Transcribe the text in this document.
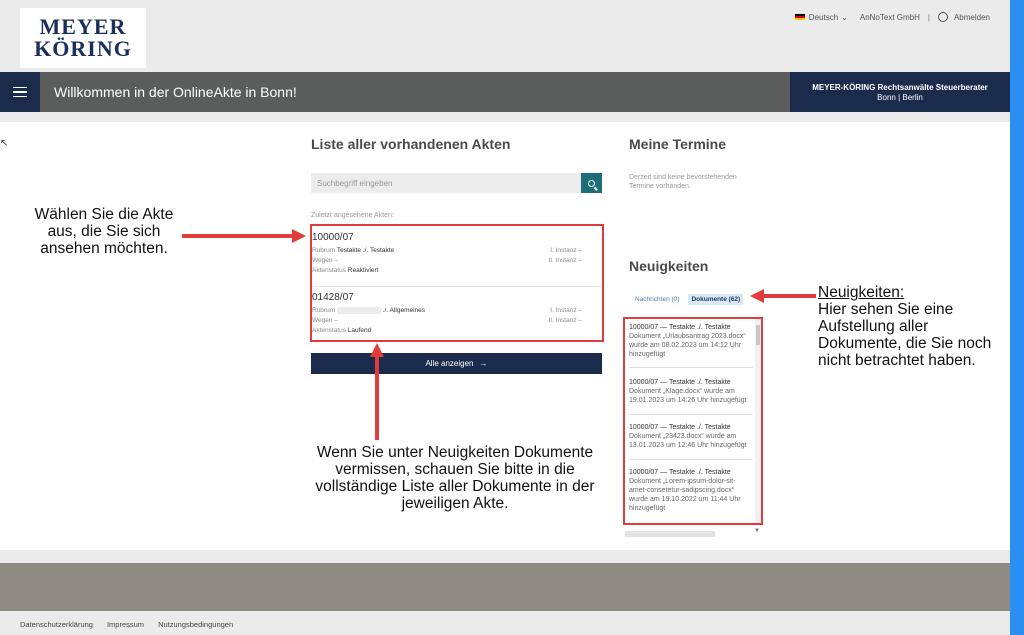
MEYER
KÖRING
Deutsch ⌄ AnNoText GmbH |	Abmelden
Willkommen in der OnlineAkte in Bonn!	MEYER-KÖRING Rechtsanwälte Steuerberater
Bonn | Berlin
↖	Liste aller vorhandenen Akten
Suchbegriff eingeben
Zuletzt angesehene Akten:
10000/07
Rubrum Testakte ./. Testakte
Wegen –
Aktenstatus Reaktiviert
I. Instanz –
II. Instanz –
01428/07
Rubrum	./. Allgemeines
Wegen –
Aktenstatus Laufend
I. Instanz –
II. Instanz –
Alle anzeigen →
Meine Termine
Derzeit sind keine bevorstehenden Termine vorhanden.
Neuigkeiten
Nachrichten (0)	Dokumente (62)
10000/07 — Testakte ./. Testakte
Dokument „Urlaubsantrag 2023.docx“ wurde am 08.02.2023 um 14:12 Uhr hinzugefügt
10000/07 — Testakte ./. Testakte
Dokument „Klage.docx“ wurde am 19.01.2023 um 14:26 Uhr hinzugefügt
10000/07 — Testakte ./. Testakte
Dokument „23423.docx“ wurde am 13.01.2023 um 12:46 Uhr hinzugefügt
10000/07 — Testakte ./. Testakte
Dokument „Lorem-ipsum-dolor-sit-amet-consetetur-sadipscing.docx“ wurde am 19.10.2022 um 11:44 Uhr hinzugefügt
▼
Wählen Sie die Akte aus, die Sie sich ansehen möchten.
Wenn Sie unter Neuigkeiten Dokumente vermissen, schauen Sie bitte in die vollständige Liste aller Dokumente in der jeweiligen Akte.
Neuigkeiten:
Hier sehen Sie eine Aufstellung aller Dokumente, die Sie noch nicht betrachtet haben.
Datenschutzerklärung Impressum Nutzungsbedingungen
